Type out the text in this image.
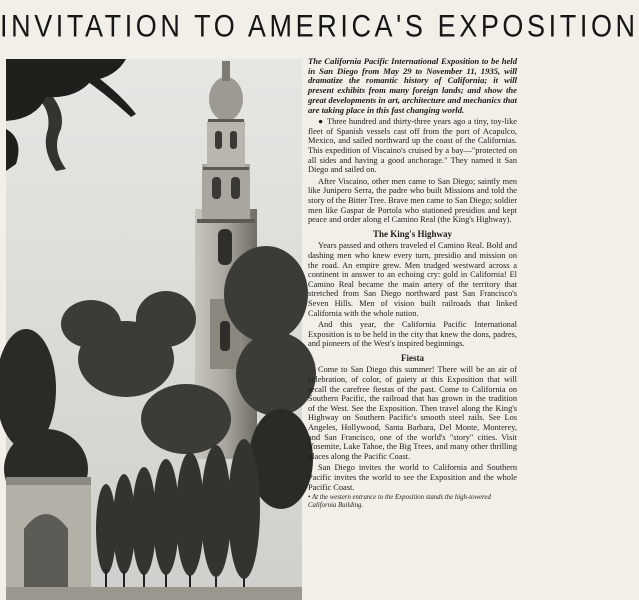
INVITATION TO AMERICA'S EXPOSITION

The California Pacific International Exposition to be held in San Diego from May 29 to November 11, 1935, will dramatize the romantic history of California; it will present exhibits from many foreign lands; and show the great developments in art, architecture and mechanics that are taking place in this fast changing world.

● Three hundred and thirty-three years ago a tiny, toy-like fleet of Spanish vessels cast off from the port of Acapulco, Mexico, and sailed northward up the coast of the Californias. This expedition of Viscaino's cruised by a bay—"protected on all sides and having a good anchorage." They named it San Diego and sailed on.

After Viscaino, other men came to San Diego; saintly men like Junipero Serra, the padre who built Missions and told the story of the Bitter Tree. Brave men came to San Diego; soldier men like Gaspar de Portola who stationed presidios and kept peace and order along el Camino Real (the King's Highway).

The King's Highway

Years passed and others traveled el Camino Real. Bold and dashing men who knew every turn, presidio and mission on the road. An empire grew. Men trudged westward across a continent in answer to an echoing cry: gold in California! El Camino Real became the main artery of the territory that stretched from San Diego northward past San Francisco's Seven Hills. Men of vision built railroads that linked California with the whole nation.

And this year, the California Pacific International Exposition is to be held in the city that knew the dons, padres, and pioneers of the West's inspired beginnings.

Fiesta

Come to San Diego this summer! There will be an air of celebration, of color, of gaiety at this Exposition that will recall the carefree fiestas of the past. Come to California on Southern Pacific, the railroad that has grown in the tradition of the West. See the Exposition. Then travel along the King's Highway on Southern Pacific's smooth steel rails. See Los Angeles, Hollywood, Santa Barbara, Del Monte, Monterey, and San Francisco, one of the world's "story" cities. Visit Yosemite, Lake Tahoe, the Big Trees, and many other thrilling places along the Pacific Coast.

San Diego invites the world to California and Southern Pacific invites the world to see the Exposition and the whole Pacific Coast.

• At the western entrance to the Exposition stands the high-towered California Building.
